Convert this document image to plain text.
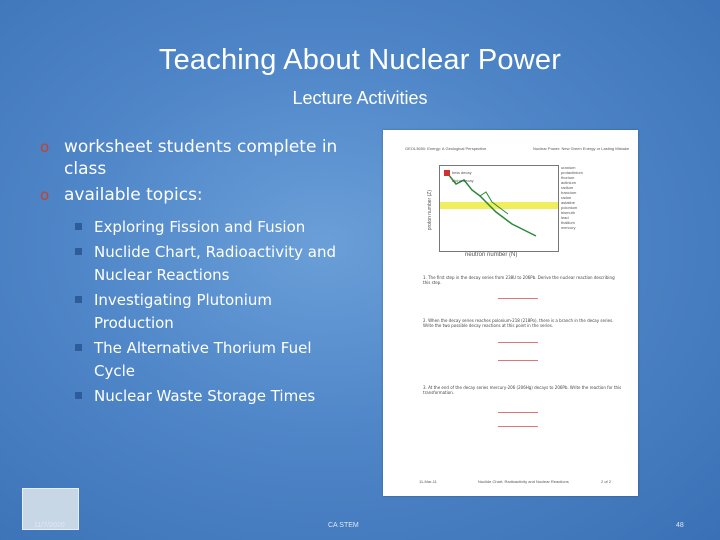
Teaching About Nuclear Power
Lecture Activities
o worksheet students complete in class
o available topics:
Exploring Fission and Fusion
Nuclide Chart, Radioactivity and Nuclear Reactions
Investigating Plutonium Production
The Alternative Thorium Fuel Cycle
Nuclear Waste Storage Times
GEOL3650: Energy: A Geological Perspective	Nuclear Power: New Green Energy or Lasting Mistake
beta decay
alpha decay
neutron number (N)
proton number (Z)
uranium
protactinium
thorium
actinium
radium
francium
radon
astatine
polonium
bismuth
lead
thallium
mercury
1. The first step in the decay series from 238U to 206Pb. Derive the nuclear reaction describing this step.
2. When the decay series reaches polonium-218 (218Po), there is a branch in the decay series. Write the two possible decay reactions at this point in the series.
3. At the end of the decay series mercury-206 (206Hg) decays to 206Pb. Write the reaction for this transformation.
11-Mar-11	Nuclide Chart, Radioactivity and Nuclear Reactions	2 of 2
11/7/2020	CA STEM	48
